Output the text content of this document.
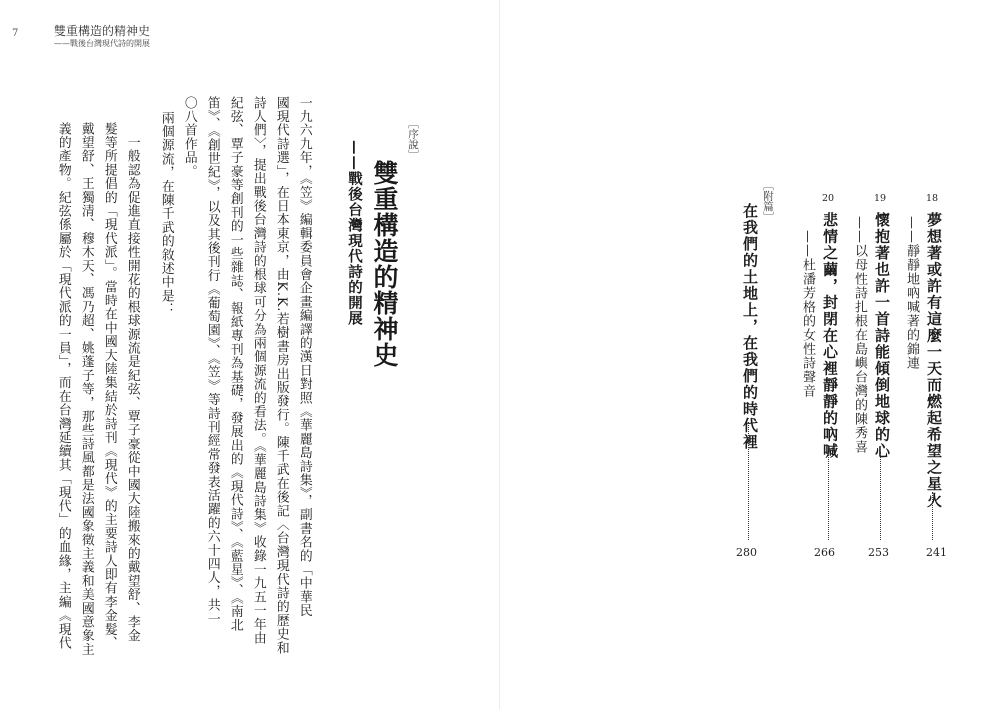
7	雙重構造的精神史
——戰後台灣現代詩的開展
18
夢想著或許有這麼一天而燃起希望之星火
——靜靜地吶喊著的錦連
241
19
懷抱著也許一首詩能傾倒地球的心
——以母性詩扎根在島嶼台灣的陳秀喜
253
20
悲情之繭，封閉在心裡靜靜的吶喊
——杜潘芳格的女性詩聲音
266
［附篇］
在我們的土地上，在我們的時代裡
280
［序說］
雙重構造的精神史
——戰後台灣現代詩的開展
一九六九年，《笠》編輯委員會企畫編譯的漢日對照《華麗島詩集》，副書名的「中華民
國現代詩選」，在日本東京，由K.K.若樹書房出版發行。陳千武在後記〈台灣現代詩的歷史和
詩人們〉，提出戰後台灣詩的根球可分為兩個源流的看法。《華麗島詩集》收錄一九五一年由
紀弦、覃子豪等創刊的一些雜誌、報紙專刊為基礎，發展出的《現代詩》、《藍星》、《南北
笛》、《創世紀》，以及其後刊行《葡萄園》、《笠》等詩刊經常發表活躍的六十四人，共一
〇八首作品。
兩個源流，在陳千武的敘述中是：
　一般認為促進直接性開花的根球源流是紀弦、覃子豪從中國大陸搬來的戴望舒、李金
髮等所提倡的「現代派」。當時在中國大陸集結於詩刊《現代》的主要詩人即有李金髮、
戴望舒、王獨清、穆木天、馮乃超、姚蓬子等，那些詩風都是法國象徵主義和美國意象主
義的產物。紀弦係屬於「現代派的一員」，而在台灣延續其「現代」的血緣，主編《現代
